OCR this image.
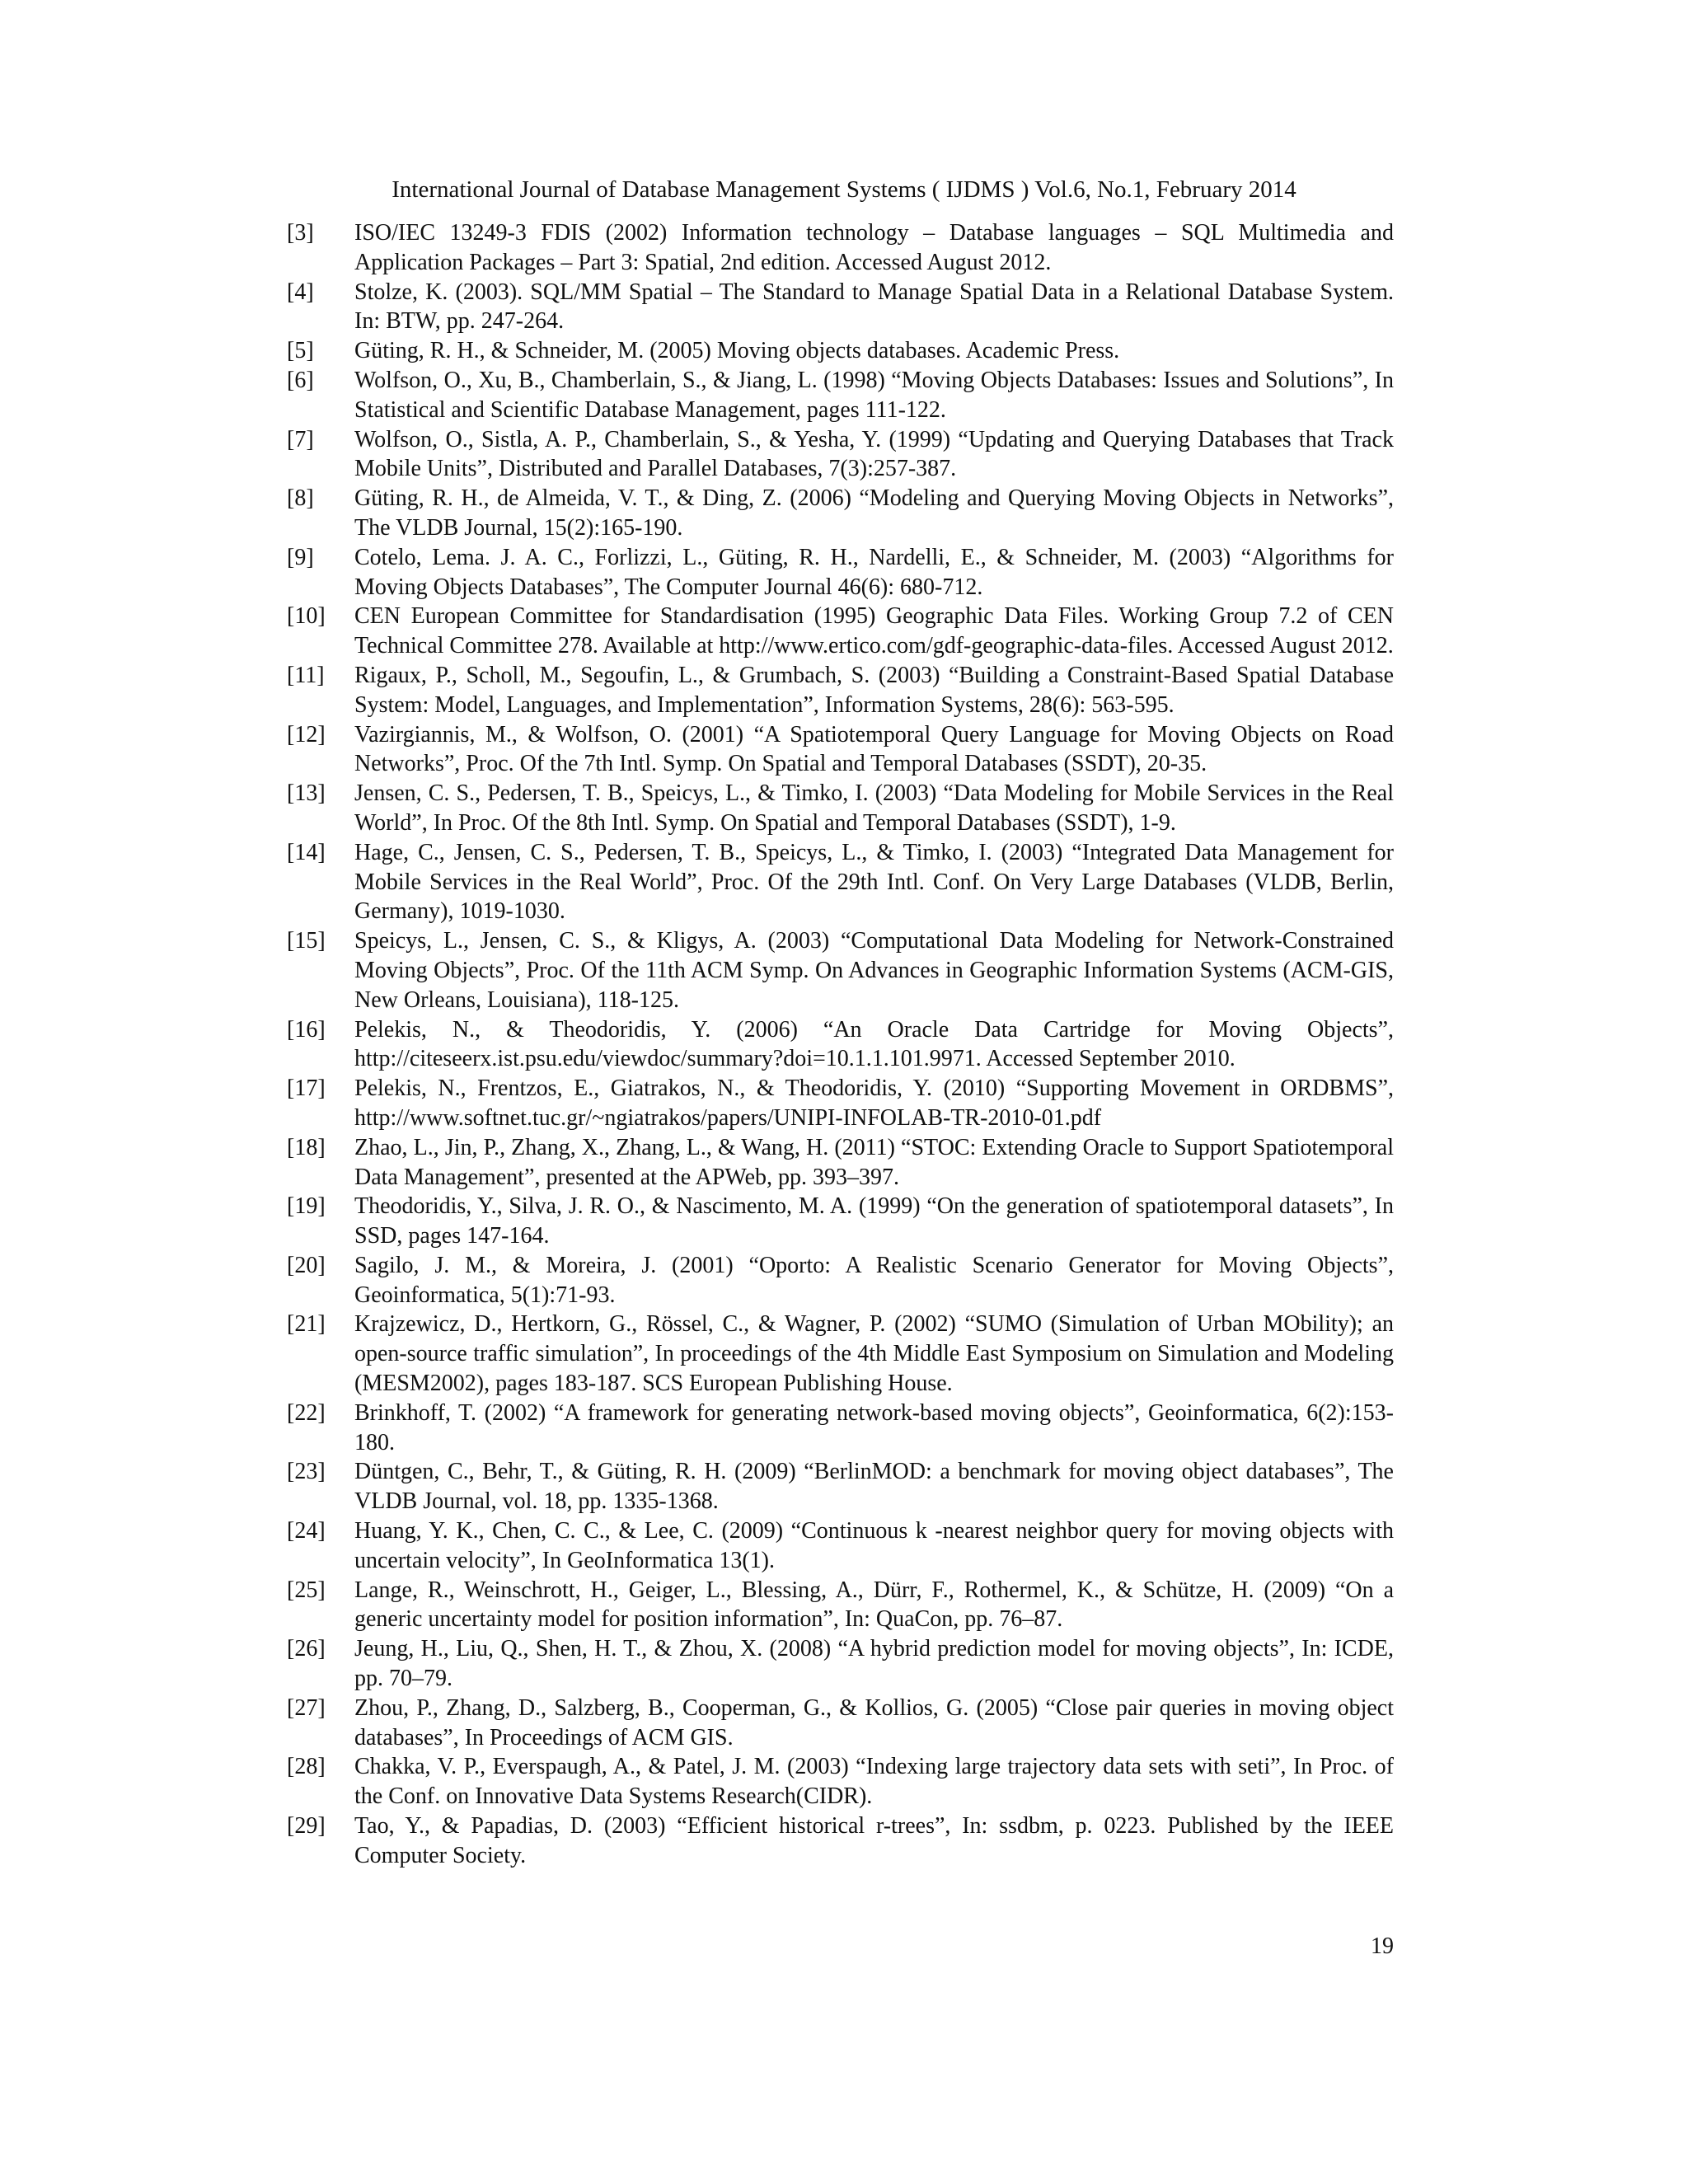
International Journal of Database Management Systems ( IJDMS ) Vol.6, No.1, February 2014
[3] ISO/IEC 13249-3 FDIS (2002) Information technology – Database languages – SQL Multimedia and Application Packages – Part 3: Spatial, 2nd edition. Accessed August 2012.
[4] Stolze, K. (2003). SQL/MM Spatial – The Standard to Manage Spatial Data in a Relational Database System. In: BTW, pp. 247-264.
[5] Güting, R. H., & Schneider, M. (2005) Moving objects databases. Academic Press.
[6] Wolfson, O., Xu, B., Chamberlain, S., & Jiang, L. (1998) “Moving Objects Databases: Issues and Solutions”, In Statistical and Scientific Database Management, pages 111-122.
[7] Wolfson, O., Sistla, A. P., Chamberlain, S., & Yesha, Y. (1999) “Updating and Querying Databases that Track Mobile Units”, Distributed and Parallel Databases, 7(3):257-387.
[8] Güting, R. H., de Almeida, V. T., & Ding, Z. (2006) “Modeling and Querying Moving Objects in Networks”, The VLDB Journal, 15(2):165-190.
[9] Cotelo, Lema. J. A. C., Forlizzi, L., Güting, R. H., Nardelli, E., & Schneider, M. (2003) “Algorithms for Moving Objects Databases”, The Computer Journal 46(6): 680-712.
[10] CEN European Committee for Standardisation (1995) Geographic Data Files. Working Group 7.2 of CEN Technical Committee 278. Available at http://www.ertico.com/gdf-geographic-data-files. Accessed August 2012.
[11] Rigaux, P., Scholl, M., Segoufin, L., & Grumbach, S. (2003) “Building a Constraint-Based Spatial Database System: Model, Languages, and Implementation”, Information Systems, 28(6): 563-595.
[12] Vazirgiannis, M., & Wolfson, O. (2001) “A Spatiotemporal Query Language for Moving Objects on Road Networks”, Proc. Of the 7th Intl. Symp. On Spatial and Temporal Databases (SSDT), 20-35.
[13] Jensen, C. S., Pedersen, T. B., Speicys, L., & Timko, I. (2003) “Data Modeling for Mobile Services in the Real World”, In Proc. Of the 8th Intl. Symp. On Spatial and Temporal Databases (SSDT), 1-9.
[14] Hage, C., Jensen, C. S., Pedersen, T. B., Speicys, L., & Timko, I. (2003) “Integrated Data Management for Mobile Services in the Real World”, Proc. Of the 29th Intl. Conf. On Very Large Databases (VLDB, Berlin, Germany), 1019-1030.
[15] Speicys, L., Jensen, C. S., & Kligys, A. (2003) “Computational Data Modeling for Network-Constrained Moving Objects”, Proc. Of the 11th ACM Symp. On Advances in Geographic Information Systems (ACM-GIS, New Orleans, Louisiana), 118-125.
[16] Pelekis, N., & Theodoridis, Y. (2006) “An Oracle Data Cartridge for Moving Objects”, http://citeseerx.ist.psu.edu/viewdoc/summary?doi=10.1.1.101.9971. Accessed September 2010.
[17] Pelekis, N., Frentzos, E., Giatrakos, N., & Theodoridis, Y. (2010) “Supporting Movement in ORDBMS”, http://www.softnet.tuc.gr/~ngiatrakos/papers/UNIPI-INFOLAB-TR-2010-01.pdf
[18] Zhao, L., Jin, P., Zhang, X., Zhang, L., & Wang, H. (2011) “STOC: Extending Oracle to Support Spatiotemporal Data Management”, presented at the APWeb, pp. 393–397.
[19] Theodoridis, Y., Silva, J. R. O., & Nascimento, M. A. (1999) “On the generation of spatiotemporal datasets”, In SSD, pages 147-164.
[20] Sagilo, J. M., & Moreira, J. (2001) “Oporto: A Realistic Scenario Generator for Moving Objects”, Geoinformatica, 5(1):71-93.
[21] Krajzewicz, D., Hertkorn, G., Rössel, C., & Wagner, P. (2002) “SUMO (Simulation of Urban MObility); an open-source traffic simulation”, In proceedings of the 4th Middle East Symposium on Simulation and Modeling (MESM2002), pages 183-187. SCS European Publishing House.
[22] Brinkhoff, T. (2002) “A framework for generating network-based moving objects”, Geoinformatica, 6(2):153-180.
[23] Düntgen, C., Behr, T., & Güting, R. H. (2009) “BerlinMOD: a benchmark for moving object databases”, The VLDB Journal, vol. 18, pp. 1335-1368.
[24] Huang, Y. K., Chen, C. C., & Lee, C. (2009) “Continuous k -nearest neighbor query for moving objects with uncertain velocity”, In GeoInformatica 13(1).
[25] Lange, R., Weinschrott, H., Geiger, L., Blessing, A., Dürr, F., Rothermel, K., & Schütze, H. (2009) “On a generic uncertainty model for position information”, In: QuaCon, pp. 76–87.
[26] Jeung, H., Liu, Q., Shen, H. T., & Zhou, X. (2008) “A hybrid prediction model for moving objects”, In: ICDE, pp. 70–79.
[27] Zhou, P., Zhang, D., Salzberg, B., Cooperman, G., & Kollios, G. (2005) “Close pair queries in moving object databases”, In Proceedings of ACM GIS.
[28] Chakka, V. P., Everspaugh, A., & Patel, J. M. (2003) “Indexing large trajectory data sets with seti”, In Proc. of the Conf. on Innovative Data Systems Research(CIDR).
[29] Tao, Y., & Papadias, D. (2003) “Efficient historical r-trees”, In: ssdbm, p. 0223. Published by the IEEE Computer Society.
19
